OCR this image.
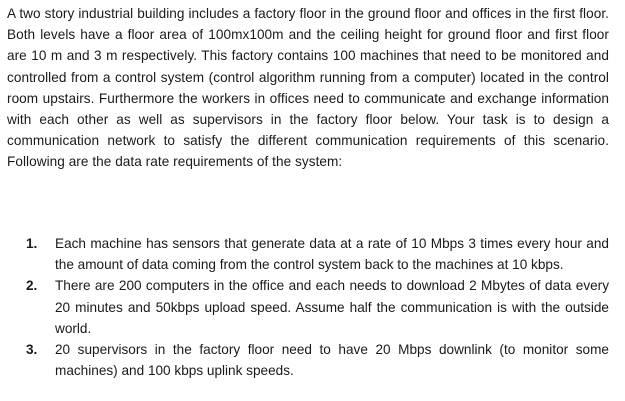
A two story industrial building includes a factory floor in the ground floor and offices in the first floor. Both levels have a floor area of 100mx100m and the ceiling height for ground floor and first floor are 10 m and 3 m respectively. This factory contains 100 machines that need to be monitored and controlled from a control system (control algorithm running from a computer) located in the control room upstairs. Furthermore the workers in offices need to communicate and exchange information with each other as well as supervisors in the factory floor below. Your task is to design a communication network to satisfy the different communication requirements of this scenario. Following are the data rate requirements of the system:

1.	Each machine has sensors that generate data at a rate of 10 Mbps 3 times every hour and the amount of data coming from the control system back to the machines at 10 kbps.
2.	There are 200 computers in the office and each needs to download 2 Mbytes of data every 20 minutes and 50kbps upload speed. Assume half the communication is with the outside world.
3.	20 supervisors in the factory floor need to have 20 Mbps downlink (to monitor some machines) and 100 kbps uplink speeds.
